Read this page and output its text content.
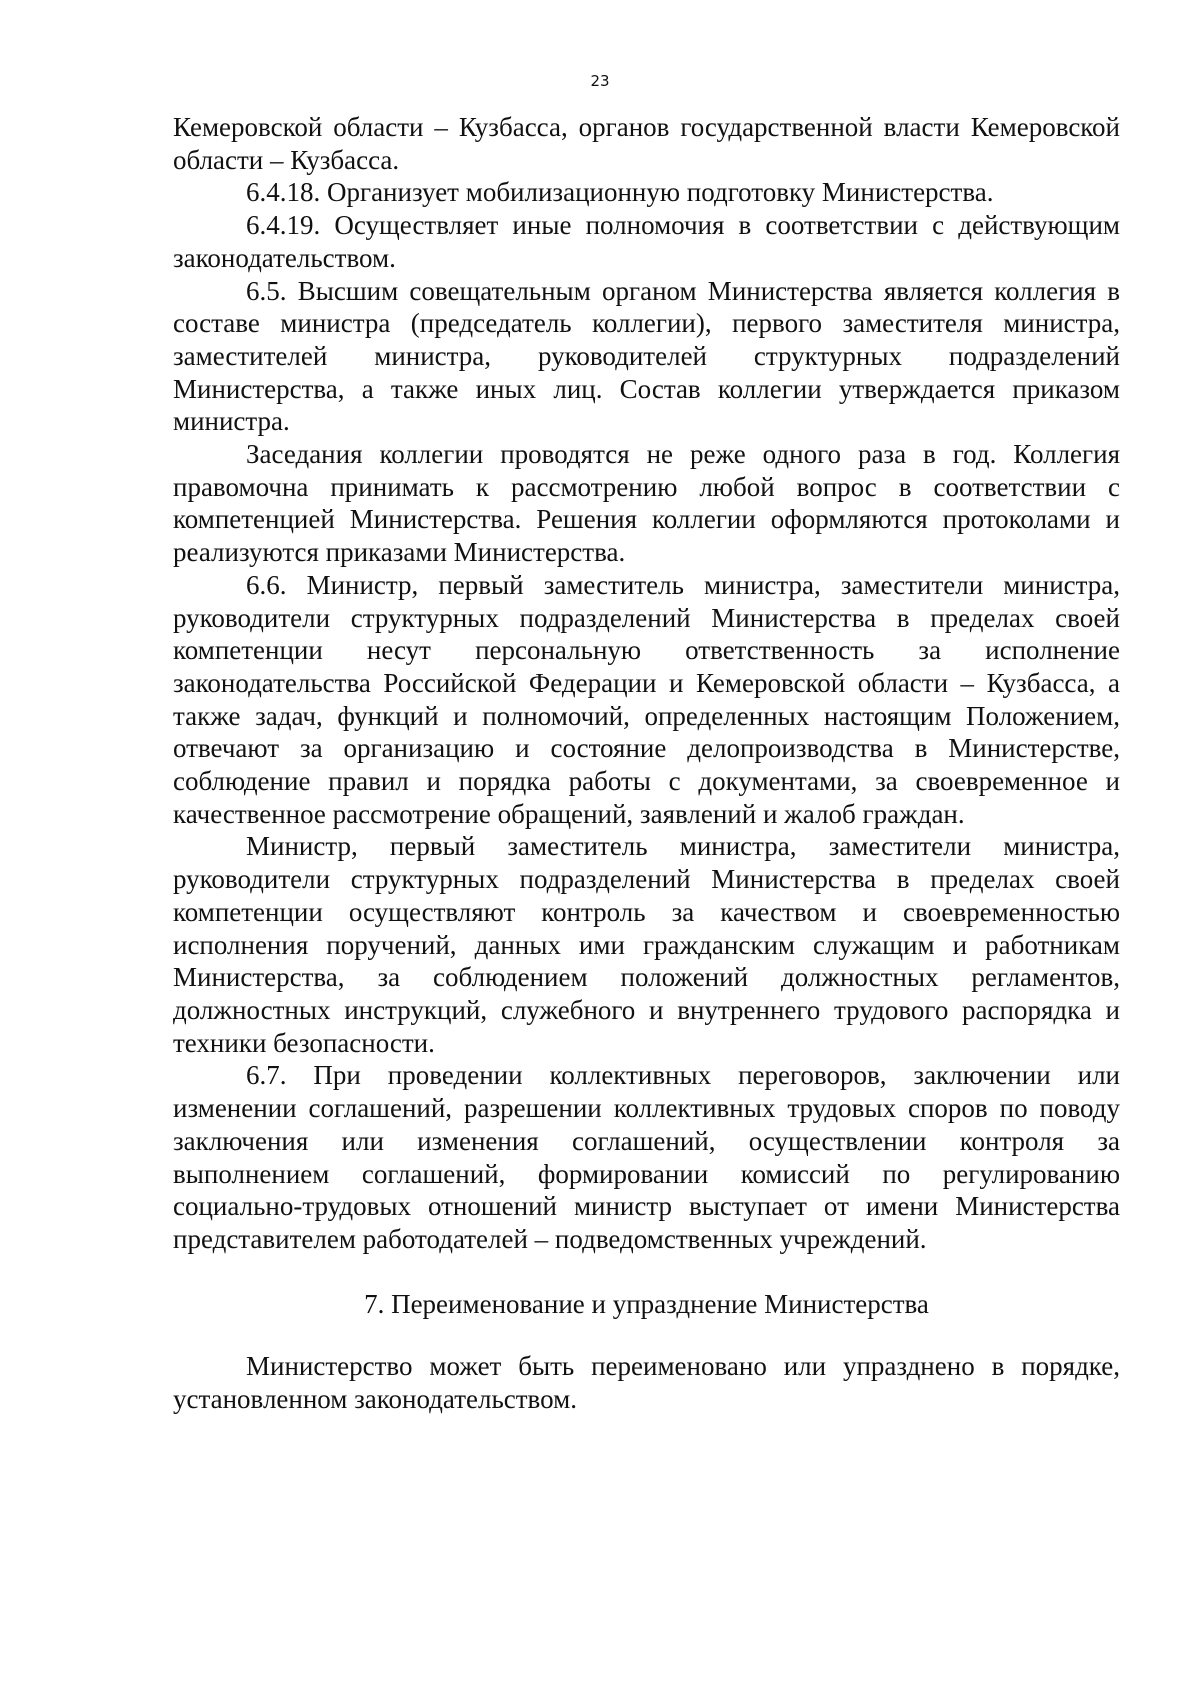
23

Кемеровской области – Кузбасса, органов государственной власти Кемеровской области – Кузбасса.

6.4.18. Организует мобилизационную подготовку Министерства.

6.4.19. Осуществляет иные полномочия в соответствии с действующим законодательством.

6.5. Высшим совещательным органом Министерства является коллегия в составе министра (председатель коллегии), первого заместителя министра, заместителей министра, руководителей структурных подразделений Министерства, а также иных лиц. Состав коллегии утверждается приказом министра.

Заседания коллегии проводятся не реже одного раза в год. Коллегия правомочна принимать к рассмотрению любой вопрос в соответствии с компетенцией Министерства. Решения коллегии оформляются протоколами и реализуются приказами Министерства.

6.6. Министр, первый заместитель министра, заместители министра, руководители структурных подразделений Министерства в пределах своей компетенции несут персональную ответственность за исполнение законодательства Российской Федерации и Кемеровской области – Кузбасса, а также задач, функций и полномочий, определенных настоящим Положением, отвечают за организацию и состояние делопроизводства в Министерстве, соблюдение правил и порядка работы с документами, за своевременное и качественное рассмотрение обращений, заявлений и жалоб граждан.

Министр, первый заместитель министра, заместители министра, руководители структурных подразделений Министерства в пределах своей компетенции осуществляют контроль за качеством и своевременностью исполнения поручений, данных ими гражданским служащим и работникам Министерства, за соблюдением положений должностных регламентов, должностных инструкций, служебного и внутреннего трудового распорядка и техники безопасности.

6.7. При проведении коллективных переговоров, заключении или изменении соглашений, разрешении коллективных трудовых споров по поводу заключения или изменения соглашений, осуществлении контроля за выполнением соглашений, формировании комиссий по регулированию социально-трудовых отношений министр выступает от имени Министерства представителем работодателей – подведомственных учреждений.

7. Переименование и упразднение Министерства

Министерство может быть переименовано или упразднено в порядке, установленном законодательством.
